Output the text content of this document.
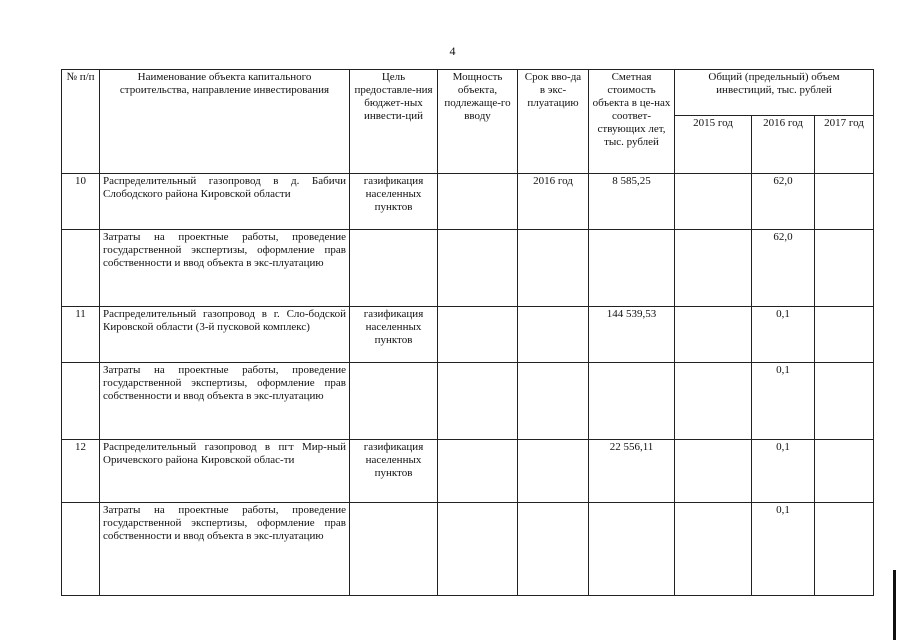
4
№ п/п	Наименование объекта капитального строительства, направление инвестирования	Цель предоставле-ния бюджет-ных инвести-ций	Мощность объекта, подлежаще-го вводу	Срок вво-да в экс-плуатацию	Сметная стоимость объекта в це-нах соответ-ствующих лет, тыс. рублей	Общий (предельный) объем инвестиций, тыс. рублей		
						2015 год	2016 год	2017 год
10	Распределительный газопровод в д. Бабичи Слободского района Кировской области	газификация населенных пунктов		2016 год	8 585,25		62,0	
	Затраты на проектные работы, проведение государственной экспертизы, оформление прав собственности и ввод объекта в экс-плуатацию						62,0	
11	Распределительный газопровод в г. Сло-бодской Кировской области (3-й пусковой комплекс)	газификация населенных пунктов			144 539,53		0,1	
	Затраты на проектные работы, проведение государственной экспертизы, оформление прав собственности и ввод объекта в экс-плуатацию						0,1	
12	Распределительный газопровод в пгт Мир-ный Оричевского района Кировской облас-ти	газификация населенных пунктов			22 556,11		0,1	
	Затраты на проектные работы, проведение государственной экспертизы, оформление прав собственности и ввод объекта в экс-плуатацию						0,1	
